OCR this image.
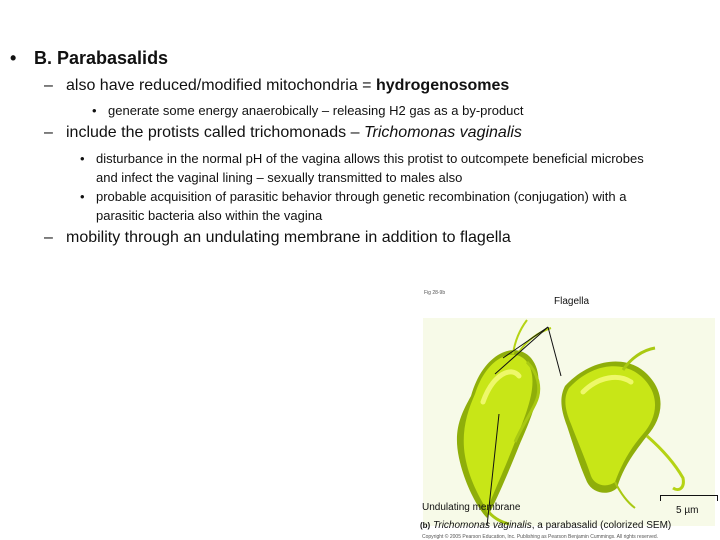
• B. Parabasalids
– also have reduced/modified mitochondria = hydrogenosomes
• generate some energy anaerobically – releasing H2 gas as a by-product
– include the protists called trichomonads – Trichomonas vaginalis
• disturbance in the normal pH of the vagina allows this protist to outcompete beneficial microbes and infect the vaginal lining – sexually transmitted to males also
• probable acquisition of parasitic behavior through genetic recombination (conjugation) with a parasitic bacteria also within the vagina
– mobility through an undulating membrane in addition to flagella
Fig 28-9b
Flagella
Undulating membrane	5 µm
(b) Trichomonas vaginalis, a parabasalid (colorized SEM)
Copyright © 2005 Pearson Education, Inc. Publishing as Pearson Benjamin Cummings. All rights reserved.
